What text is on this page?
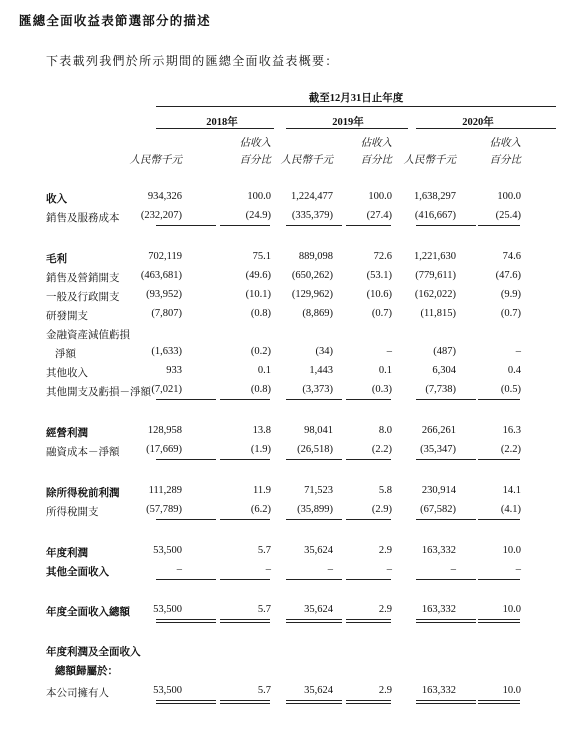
匯總全面收益表節選部分的描述
下表載列我們於所示期間的匯總全面收益表概要：
截至12月31日止年度
2018年	2019年	2020年
人民幣千元
佔收入
百分比 人民幣千元
佔收入
百分比 人民幣千元
佔收入
百分比
收入	934,326	100.0 1,224,477	100.0 1,638,297	100.0
銷售及服務成本 (232,207)	(24.9) (335,379)	(27.4) (416,667)	(25.4)
毛利	702,119	75.1	889,098	72.6 1,221,630	74.6
銷售及營銷開支 (463,681)	(49.6) (650,262)	(53.1) (779,611)	(47.6)
一般及行政開支	(93,952)	(10.1) (129,962)	(10.6) (162,022)	(9.9)
研發開支	(7,807)	(0.8)	(8,869)	(0.7)	(11,815)	(0.7)
金融資產減值虧損
淨額	(1,633)	(0.2)	(34)	–	(487)	–
其他收入	933	0.1	1,443	0.1	6,304	0.4
其他開支及虧損－淨額 (7,021)	(0.8)	(3,373)	(0.3)	(7,738)	(0.5)
經營利潤	128,958	13.8	98,041	8.0	266,261	16.3
融資成本－淨額	(17,669)	(1.9) (26,518)	(2.2)	(35,347)	(2.2)
除所得稅前利潤	111,289	11.9	71,523	5.8	230,914	14.1
所得稅開支	(57,789)	(6.2) (35,899)	(2.9)	(67,582)	(4.1)
年度利潤	53,500	5.7	35,624	2.9	163,332	10.0
其他全面收入	–	–	–	–	–	–
年度全面收入總額 53,500	5.7	35,624	2.9	163,332	10.0
年度利潤及全面收入
總額歸屬於：
本公司擁有人	53,500	5.7	35,624	2.9	163,332	10.0
